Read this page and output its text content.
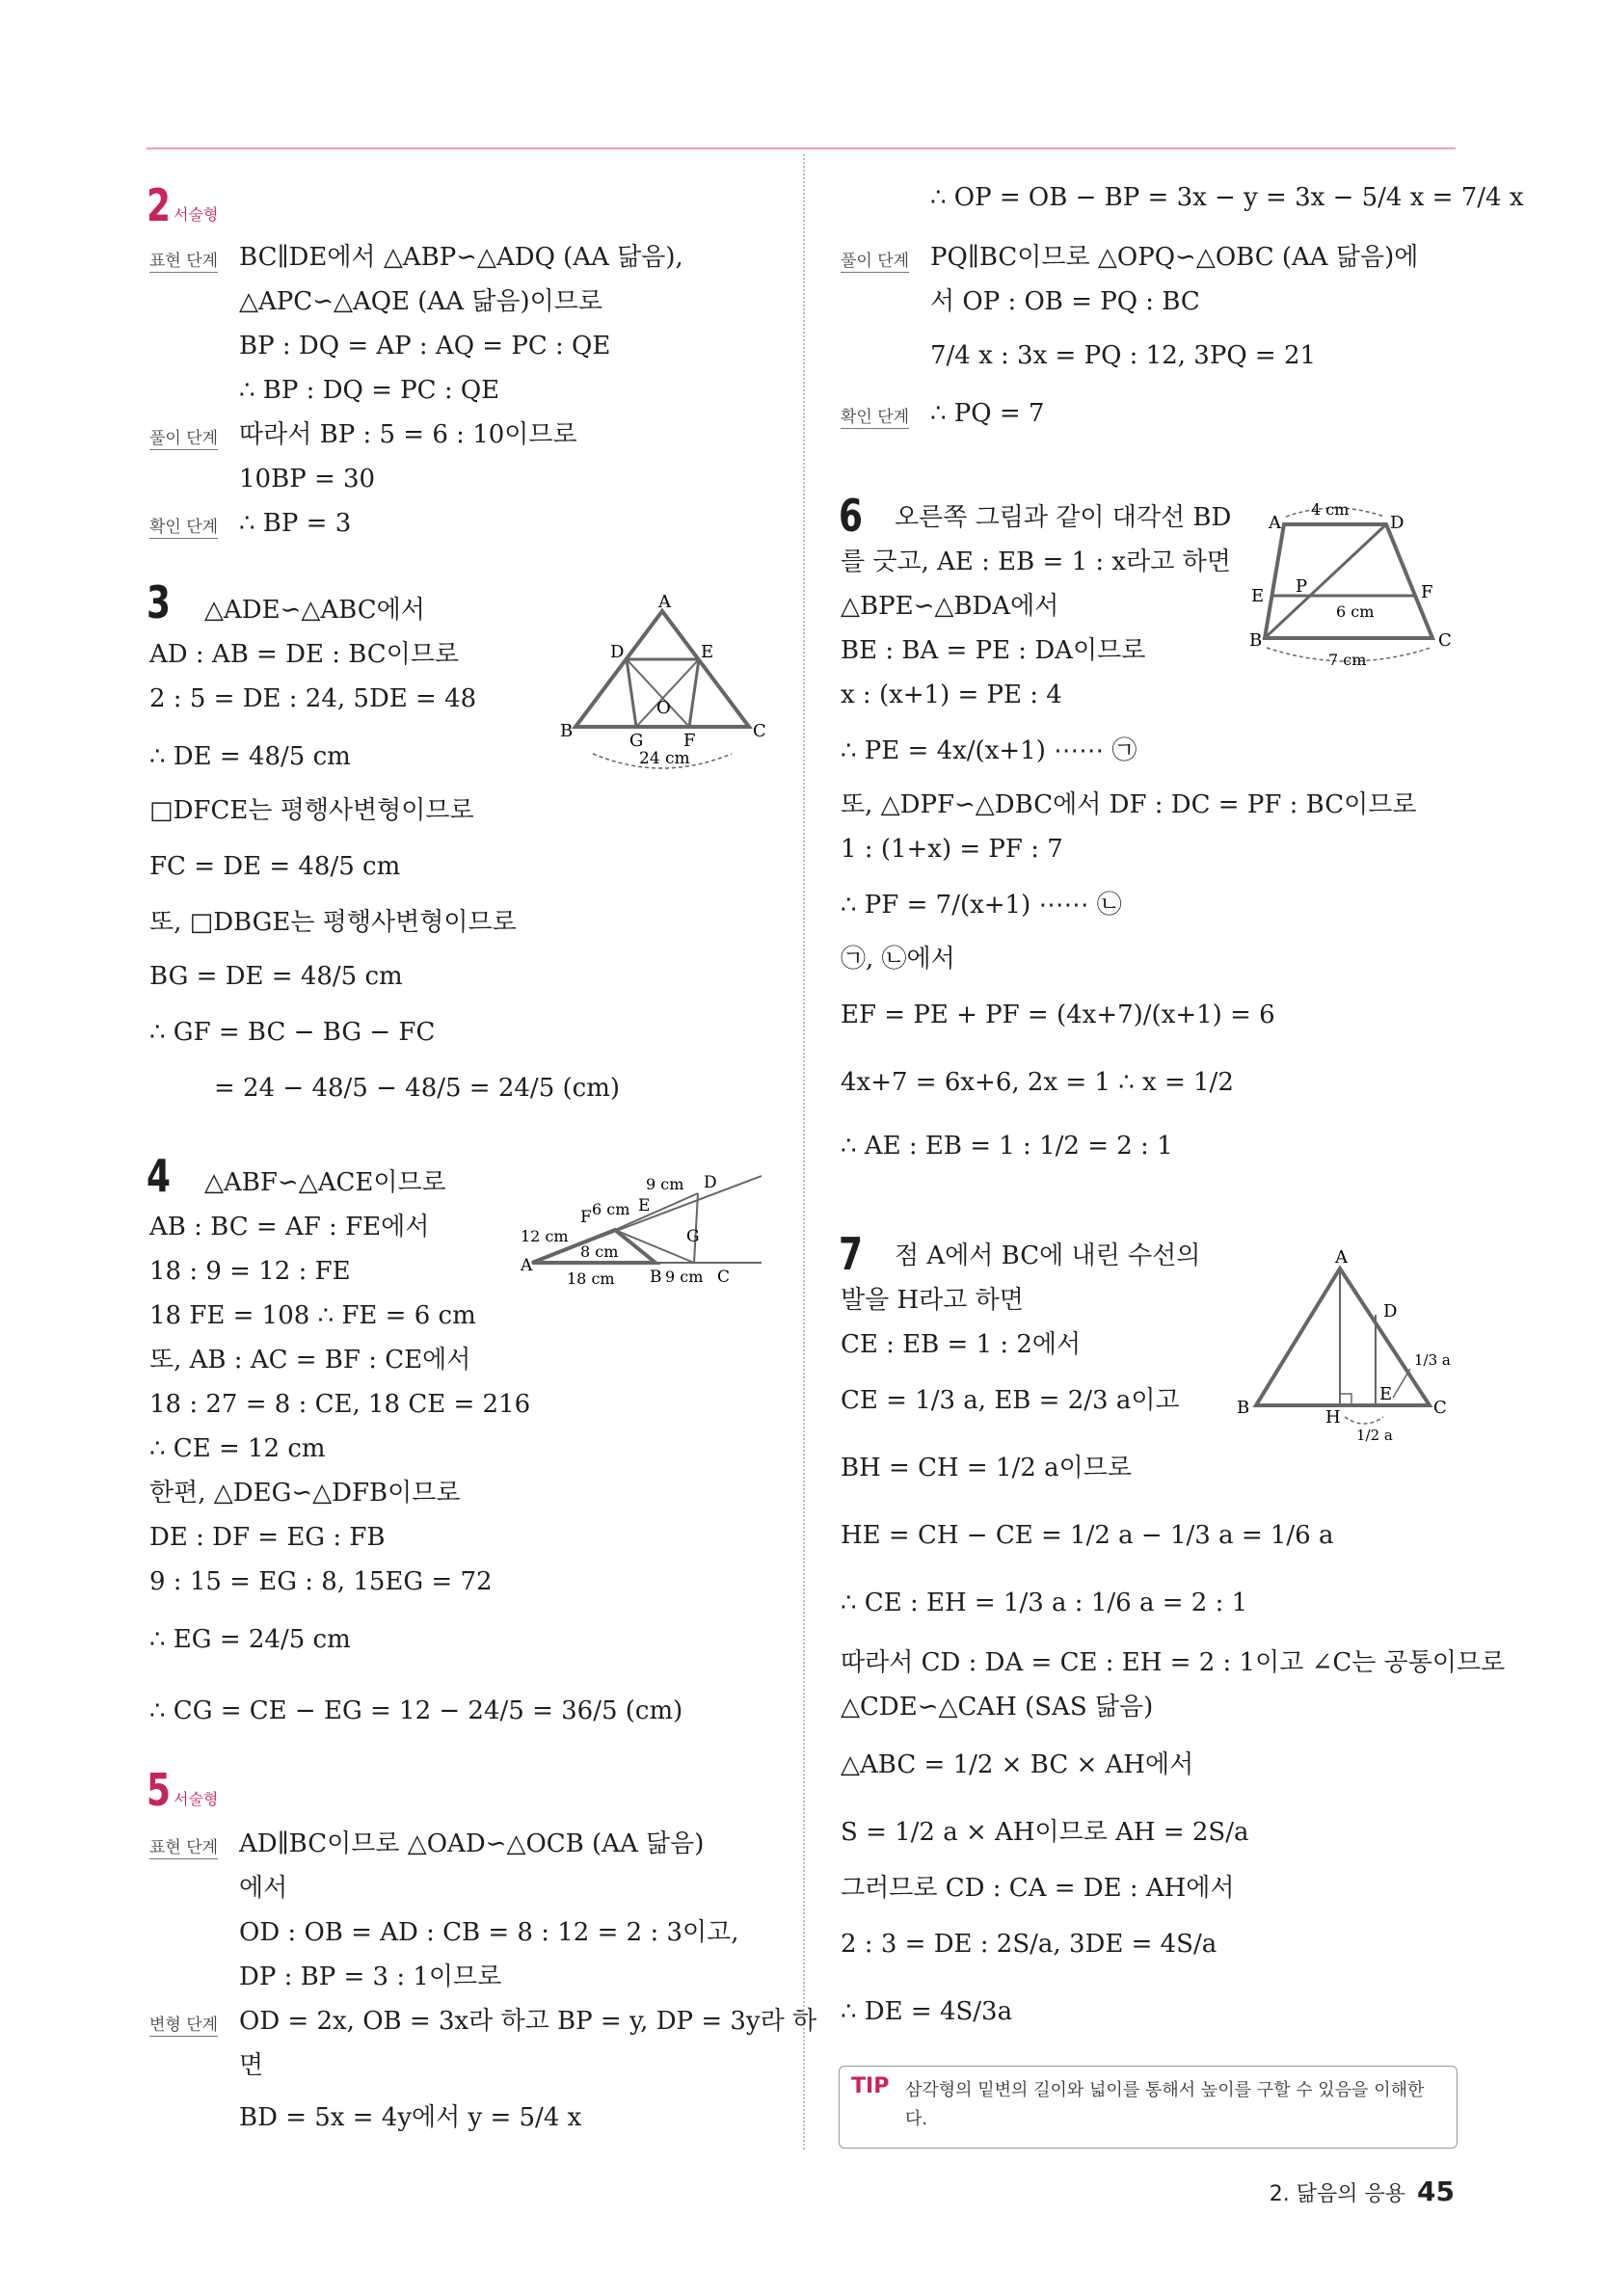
2 서술형
표현 단계 BC∥DE에서 △ABP∽△ADQ (AA 닮음),
△APC∽△AQE (AA 닮음)이므로
BP : DQ = AP : AQ = PC : QE
∴ BP : DQ = PC : QE
풀이 단계 따라서 BP : 5 = 6 : 10이므로
10BP = 30
확인 단계 ∴ BP = 3
3 △ADE∽△ABC에서
AD : AB = DE : BC이므로
2 : 5 = DE : 24, 5DE = 48
∴ DE = 48/5 cm
□DFCE는 평행사변형이므로
FC = DE = 48/5 cm
또, □DBGE는 평행사변형이므로
BG = DE = 48/5 cm
∴ GF = BC − BG − FC
= 24 − 48/5 − 48/5 = 24/5 (cm)
A
B	C
D	E
O
G F
24 cm
4 △ABF∽△ACE이므로
AB : BC = AF : FE에서
18 : 9 = 12 : FE
18 FE = 108 ∴ FE = 6 cm
또, AB : AC = BF : CE에서
18 : 27 = 8 : CE, 18 CE = 216
∴ CE = 12 cm
한편, △DEG∽△DFB이므로
DE : DF = EG : FB
9 : 15 = EG : 8, 15EG = 72
∴ EG = 24/5 cm
∴ CG = CE − EG = 12 − 24/5 = 36/5 (cm)
A
B	C
D
E
F
G
12 cm
6 cm
9 cm
8 cm
18 cm	9 cm
5 서술형
표현 단계 AD∥BC이므로 △OAD∽△OCB (AA 닮음)
에서
OD : OB = AD : CB = 8 : 12 = 2 : 3이고,
DP : BP = 3 : 1이므로
변형 단계 OD = 2x, OB = 3x라 하고 BP = y, DP = 3y라 하
면
BD = 5x = 4y에서 y = 5/4 x
∴ OP = OB − BP = 3x − y = 3x − 5/4 x = 7/4 x
풀이 단계 PQ∥BC이므로 △OPQ∽△OBC (AA 닮음)에
서 OP : OB = PQ : BC
7/4 x : 3x = PQ : 12, 3PQ = 21
확인 단계 ∴ PQ = 7
6 오른쪽 그림과 같이 대각선 BD
를 긋고, AE : EB = 1 : x라고 하면
△BPE∽△BDA에서
BE : BA = PE : DA이므로
x : (x+1) = PE : 4
∴ PE = 4x/(x+1) ⋯⋯ ㉠
또, △DPF∽△DBC에서 DF : DC = PF : BC이므로
1 : (1+x) = PF : 7
∴ PF = 7/(x+1) ⋯⋯ ㉡
㉠, ㉡에서
EF = PE + PF = (4x+7)/(x+1) = 6
4x+7 = 6x+6, 2x = 1 ∴ x = 1/2
∴ AE : EB = 1 : 1/2 = 2 : 1
A	D
E	F
B	C
P
4 cm
6 cm
7 cm
7 점 A에서 BC에 내린 수선의
발을 H라고 하면
CE : EB = 1 : 2에서
CE = 1/3 a, EB = 2/3 a이고
BH = CH = 1/2 a이므로
HE = CH − CE = 1/2 a − 1/3 a = 1/6 a
∴ CE : EH = 1/3 a : 1/6 a = 2 : 1
따라서 CD : DA = CE : EH = 2 : 1이고 ∠C는 공통이므로
△CDE∽△CAH (SAS 닮음)
△ABC = 1/2 × BC × AH에서
S = 1/2 a × AH이므로 AH = 2S/a
그러므로 CD : CA = DE : AH에서
2 : 3 = DE : 2S/a, 3DE = 4S/a
∴ DE = 4S/3a
A
B	C
D
E
H
1/3 a
1/2 a
TIP 삼각형의 밑변의 길이와 넓이를 통해서 높이를 구할 수 있음을 이해한다.
2. 닮음의 응용 45
